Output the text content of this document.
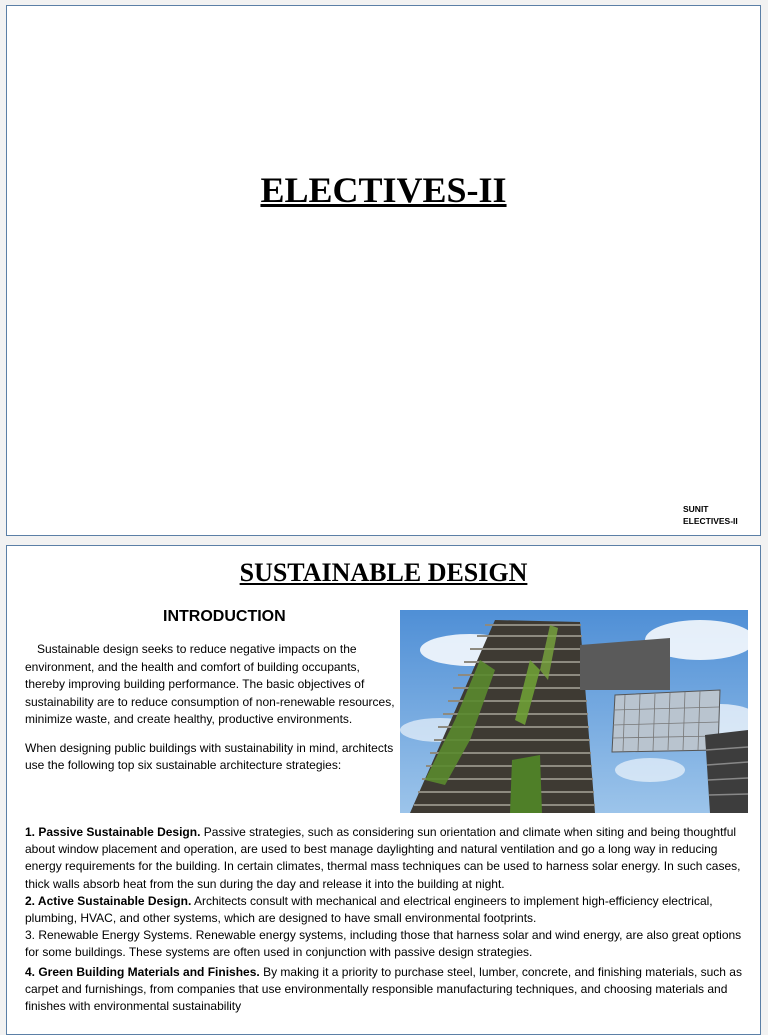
ELECTIVES-II
SUNIT
ELECTIVES-II
SUSTAINABLE DESIGN
INTRODUCTION

Sustainable design seeks to reduce negative impacts on the environment, and the health and comfort of building occupants, thereby improving building performance. The basic objectives of sustainability are to reduce consumption of non-renewable resources, minimize waste, and create healthy, productive environments.

When designing public buildings with sustainability in mind, architects use the following top six sustainable architecture strategies:

1. Passive Sustainable Design. Passive strategies, such as considering sun orientation and climate when siting and being thoughtful about window placement and operation, are used to best manage daylighting and natural ventilation and go a long way in reducing energy requirements for the building. In certain climates, thermal mass techniques can be used to harness solar energy. In such cases, thick walls absorb heat from the sun during the day and release it into the building at night.

2. Active Sustainable Design. Architects consult with mechanical and electrical engineers to implement high-efficiency electrical, plumbing, HVAC, and other systems, which are designed to have small environmental footprints.

3. Renewable Energy Systems. Renewable energy systems, including those that harness solar and wind energy, are also great options for some buildings. These systems are often used in conjunction with passive design strategies.

4. Green Building Materials and Finishes. By making it a priority to purchase steel, lumber, concrete, and finishing materials, such as carpet and furnishings, from companies that use environmentally responsible manufacturing techniques, and choosing materials and finishes with environmental sustainability
